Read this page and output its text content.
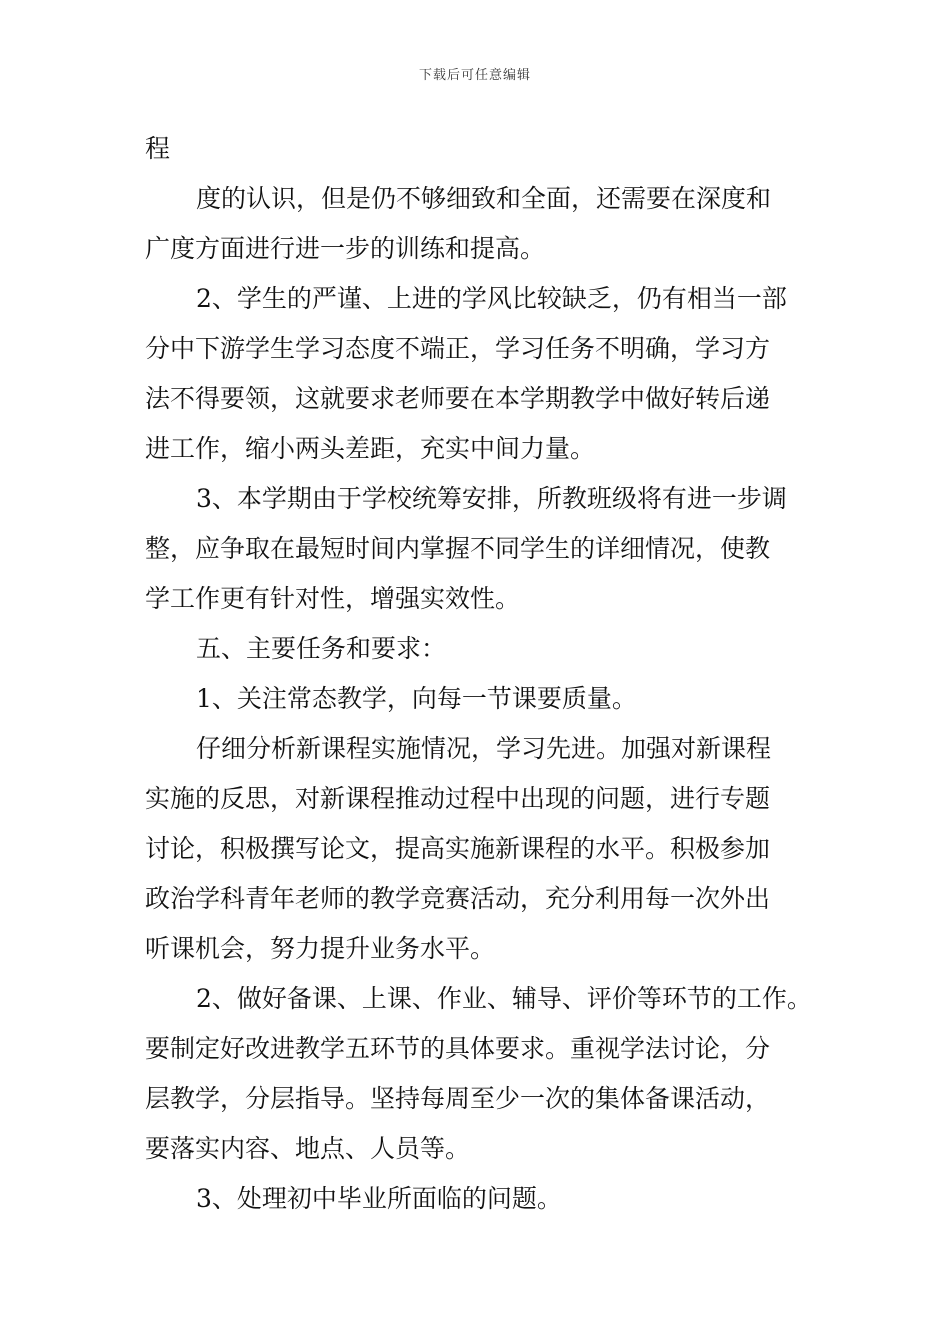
下载后可任意编辑
程
度的认识，但是仍不够细致和全面，还需要在深度和
广度方面进行进一步的训练和提高。
2、学生的严谨、上进的学风比较缺乏，仍有相当一部
分中下游学生学习态度不端正，学习任务不明确，学习方
法不得要领，这就要求老师要在本学期教学中做好转后递
进工作，缩小两头差距，充实中间力量。
3、本学期由于学校统筹安排，所教班级将有进一步调
整，应争取在最短时间内掌握不同学生的详细情况，使教
学工作更有针对性，增强实效性。
五、主要任务和要求：
1、关注常态教学，向每一节课要质量。
仔细分析新课程实施情况，学习先进。加强对新课程
实施的反思，对新课程推动过程中出现的问题，进行专题
讨论，积极撰写论文，提高实施新课程的水平。积极参加
政治学科青年老师的教学竞赛活动，充分利用每一次外出
听课机会，努力提升业务水平。
2、做好备课、上课、作业、辅导、评价等环节的工作。
要制定好改进教学五环节的具体要求。重视学法讨论，分
层教学，分层指导。坚持每周至少一次的集体备课活动，
要落实内容、地点、人员等。
3、处理初中毕业所面临的问题。
